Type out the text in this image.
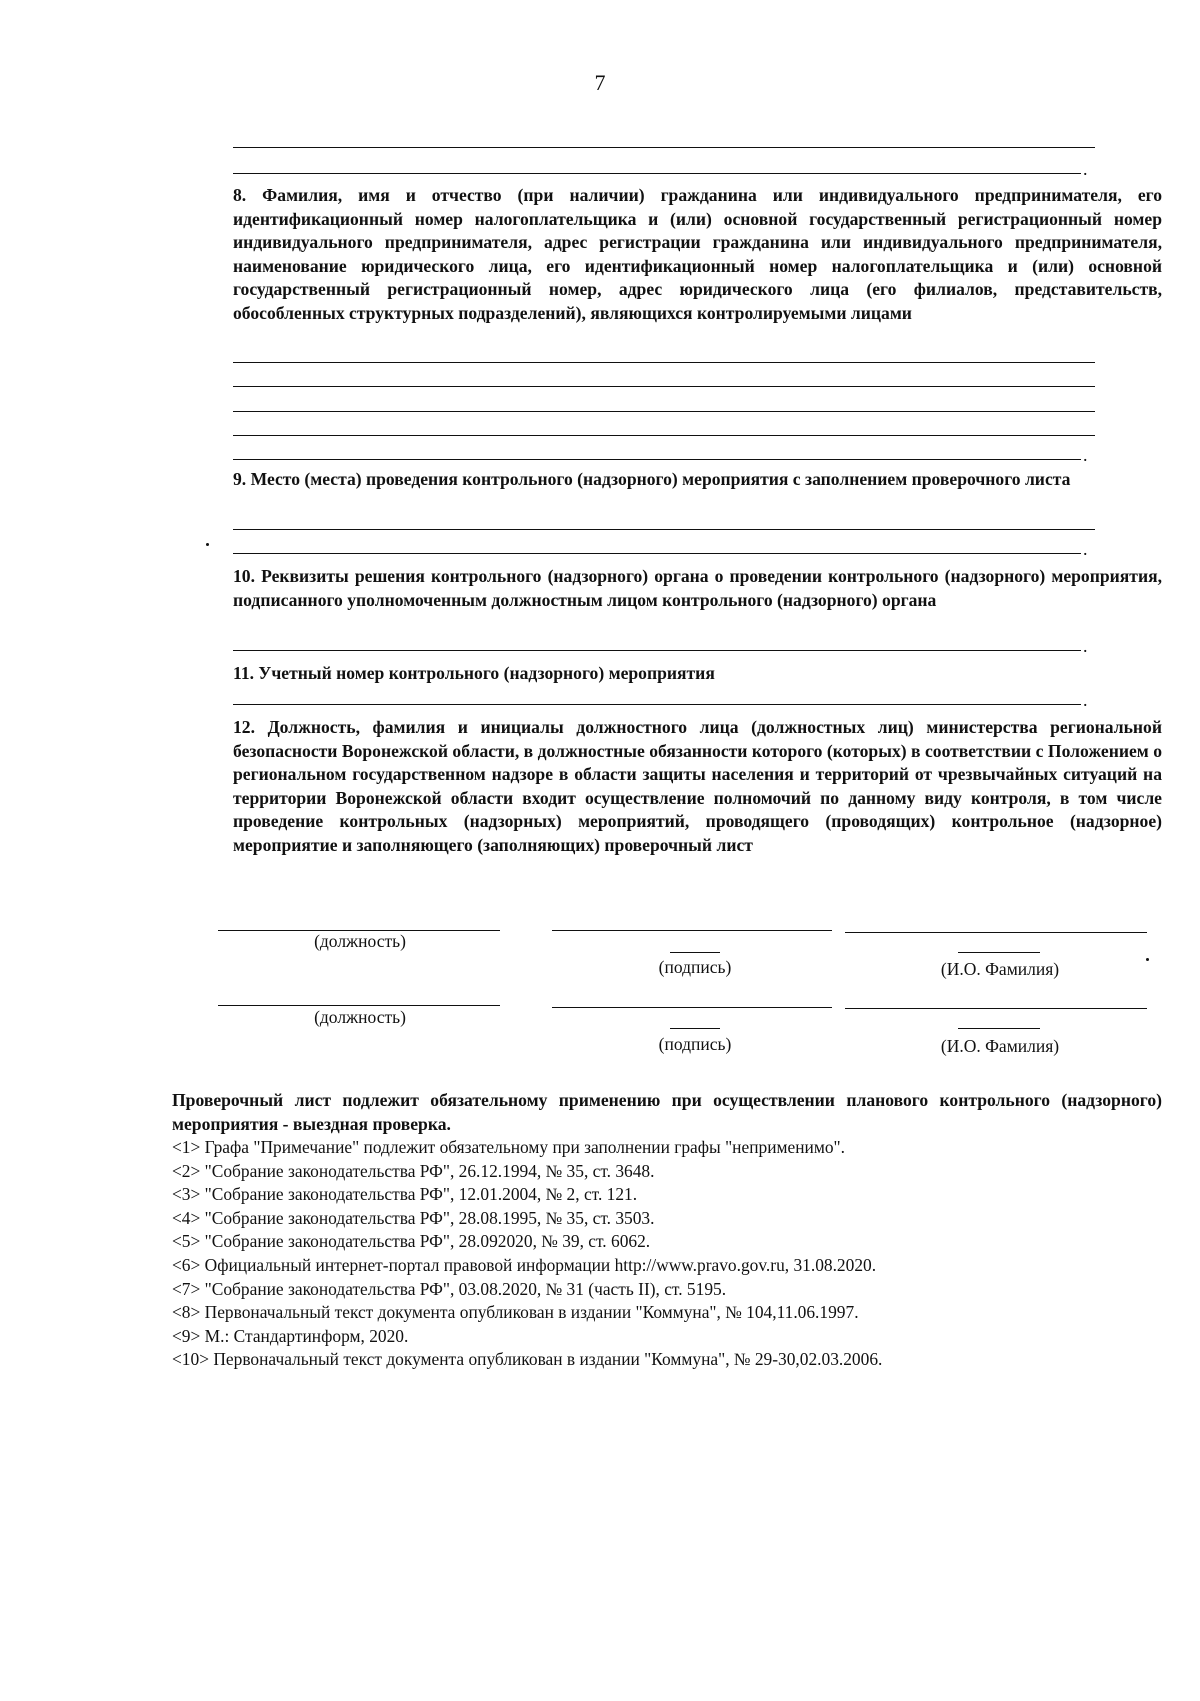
7
.

8. Фамилия, имя и отчество (при наличии) гражданина или индивидуального предпринимателя, его идентификационный номер налогоплательщика и (или) основной государственный регистрационный номер индивидуального предпринимателя, адрес регистрации гражданина или индивидуального предпринимателя, наименование юридического лица, его идентификационный номер налогоплательщика и (или) основной государственный регистрационный номер, адрес юридического лица (его филиалов, представительств, обособленных структурных подразделений), являющихся контролируемыми лицами

.

9. Место (места) проведения контрольного (надзорного) мероприятия с заполнением проверочного листа

.

10. Реквизиты решения контрольного (надзорного) органа о проведении контрольного (надзорного) мероприятия, подписанного уполномоченным должностным лицом контрольного (надзорного) органа

.

11. Учетный номер контрольного (надзорного) мероприятия

.

12. Должность, фамилия и инициалы должностного лица (должностных лиц) министерства региональной безопасности Воронежской области, в должностные обязанности которого (которых) в соответствии с Положением о региональном государственном надзоре в области защиты населения и территорий от чрезвычайных ситуаций на территории Воронежской области входит осуществление полномочий по данному виду контроля, в том числе проведение контрольных (надзорных) мероприятий, проводящего (проводящих) контрольное (надзорное) мероприятие и заполняющего (заполняющих) проверочный лист

(должность)
(подпись)	(И.О. Фамилия)
(должность)
(подпись)	(И.О. Фамилия)

Проверочный лист подлежит обязательному применению при осуществлении планового контрольного (надзорного) мероприятия - выездная проверка.

<1> Графа "Примечание" подлежит обязательному при заполнении графы "неприменимо".
<2> "Собрание законодательства РФ", 26.12.1994, № 35, ст. 3648.
<3> "Собрание законодательства РФ", 12.01.2004, № 2, ст. 121.
<4> "Собрание законодательства РФ", 28.08.1995, № 35, ст. 3503.
<5> "Собрание законодательства РФ", 28.092020, № 39, ст. 6062.
<6> Официальный интернет-портал правовой информации http://www.pravo.gov.ru, 31.08.2020.
<7> "Собрание законодательства РФ", 03.08.2020, № 31 (часть II), ст. 5195.
<8> Первоначальный текст документа опубликован в издании "Коммуна", № 104,11.06.1997.
<9> М.: Стандартинформ, 2020.
<10> Первоначальный текст документа опубликован в издании "Коммуна", № 29-30,02.03.2006.
